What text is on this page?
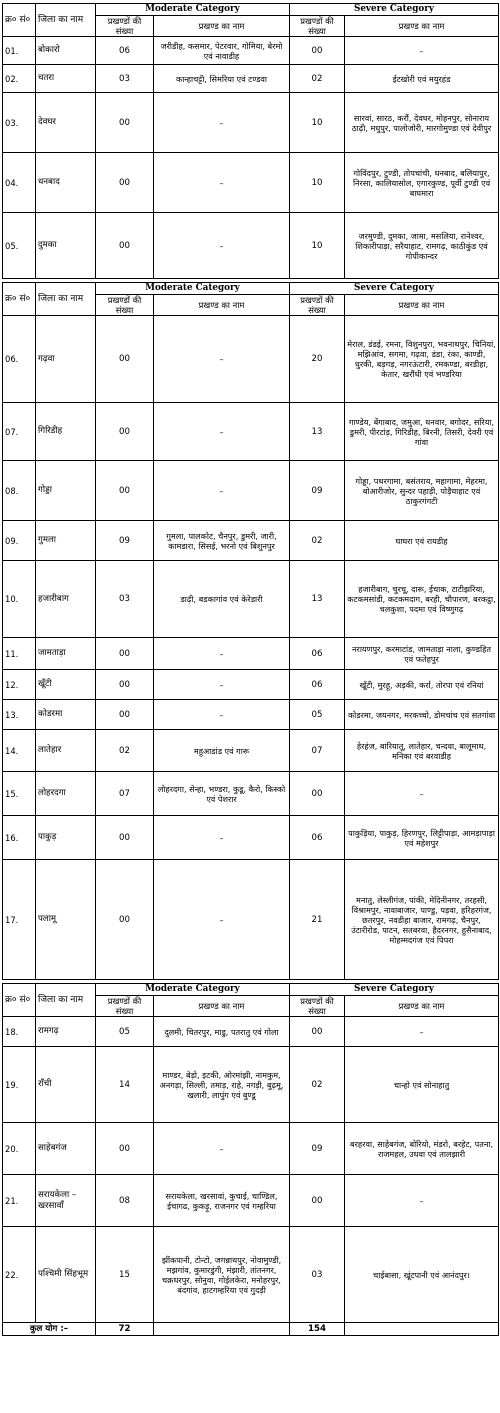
क्र० सं०	जिला का नाम	Moderate Category		Severe Category	
		प्रखण्डों की संख्या	प्रखण्ड का नाम	प्रखण्डों की संख्या	प्रखण्ड का नाम
01.	बोकारो	06	जरीडीह, कसमार, पेटरवार, गोमिया, बेरमो एवं नावाडीह	00	–
02.	चतरा	03	कान्हाचट्टी, सिमरिया एवं टण्डवा	02	ईटखोरी एवं मयुरहंड
03.	देवघर	00	–	10	सारवां, सारठ, करौं, देवघर, मोहनपुर, सोनाराय ठाढ़ी, मधुपुर, पालोजोरी, मारगोमुण्डा एवं देवीपुर
04.	धनबाद	00	–	10	गोविंदपुर, टुण्डी, तोपचांची, धनबाद, बलियापुर, निरसा, कालियासोल, एगारकुण्ड, पूर्वी टुण्डी एवं बाघमारा
05.	दुमका	00	–	10	जरमुण्डी, दुमका, जामा, मसलिया, रानेश्वर, शिकारीपाड़ा, सरैयाहाट, रामगढ़, काठीकुंड एवं गोपीकान्दर

क्र० सं०	जिला का नाम	Moderate Category		Severe Category	
		प्रखण्डों की संख्या	प्रखण्ड का नाम	प्रखण्डों की संख्या	प्रखण्ड का नाम
06.	गढ़वा	00	–	20	मेराल, डंडई, रमना, विशुनपुरा, भवनाथपुर, चिनियां, मझिआंव, सगमा, गढ़वा, डंडा, रंका, काण्डी, धुरकी, बड़गड़, नगरऊंटारी, रमकण्डा, बरडीहा, केतार, खरौंधी एवं भण्डरिया
07.	गिरिडीह	00	–	13	गाण्डेय, बेंगाबाद, जमुआ, धनवार, बगोदर, सरिया, डुमरी, पीरटांड़, गिरिडीह, बिरनी, तिसरी, देवरी एवं गांवा
08.	गोड्डा	00	–	09	गोड्डा, पथरगामा, बसंतराय, महागामा, मेहरमा, बोआरीजोर, सुन्दर पहाड़ी, पोड़ैयाहाट एवं ठाकुरगंगटी
09.	गुमला	09	गुमला, पालकोट, चैनपुर, डुमरी, जारी, कामडारा, सिसई, भरनो एवं बिशुनपुर	02	घाघरा एवं रायडीह
10.	हजारीबाग	03	डाढ़ी, बडकागांव एवं केरेडारी	13	हजारीबाग, चुरचू, दारू, ईचाक, टाटीझरिया, कटकमसांडी, कटकमदाग, बरही, चौपारण, बरकट्ठा, चलकुशा, पदमा एवं विष्णुगढ़
11.	जामताड़ा	00	–	06	नरायणपुर, करमाटांड, जामताड़ा नाला, कुण्डहित एवं फतेहपुर
12.	खूँटी	00	–	06	खूँटी, मुरहू, अड़की, कर्रा, तोरपा एवं रनियां
13.	कोडरमा	00	–	05	कोडरमा, जयनगर, मरकच्चो, डोमचांच एवं सतगांवा
14.	लातेहार	02	महुआडांड एवं गारू	07	हेरहंज, बारियातू, लातेहार, चन्दवा, बालूमाथ, मनिका एवं बरवाडीह
15.	लोहरदगा	07	लोहरदगा, सेन्हा, भण्डरा, कुडू, कैरो, किस्को एवं पेशरार	00	–
16.	पाकुड़	00	–	06	पाकुड़िया, पाकुड़, हिरणपुर, लिट्टीपाड़ा, आमड़ापाड़ा एवं महेशपुर
17.	पलामू	00	–	21	मनातु, लेस्लीगंज, पांकी, मेदिनीनगर, तरहसी, विश्रामपुर, नावाबाजार, पाण्डु, पड़वा, हरिहरगंज, छतरपुर, नवडीहा बाजार, रामगढ़, चैनपुर, उंटारीरोड, पाटन, सतबरवा, हैदरनगर, हुसैनाबाद, मोहम्मदगंज एवं पिपरा

क्र० सं०	जिला का नाम	Moderate Category		Severe Category	
		प्रखण्डों की संख्या	प्रखण्ड का नाम	प्रखण्डों की संख्या	प्रखण्ड का नाम
18.	रामगढ़	05	दुलमी, चितरपुर, माडु, पतरातु एवं गोला	00	–
19.	राँची	14	माण्डर, बेड़ो, इटकी, ओरमांझी, नामकुम, अनगड़ा, सिल्ली, तमाड़, राहे, नगड़ी, बुढ़मू, खलारी, लापुंग एवं बुण्डू	02	चान्हो एवं सोनाहातु
20.	साहेबगंज	00	–	09	बरहरवा, साहेबगंज, बोरियो, मंडरो, बरहेट, पतना, राजमहल, उधवा एवं तालझारी
21.	सरायकेला –खरसावाँ	08	सरायकेला, खरसावां, कुचाई, चाण्डिल, ईचागढ, कुकड़ू, राजनगर एवं गम्हरिया	00	–
22.	पश्चिमी सिंहभूम	15	झींकपानी, टोन्टो, जगन्नाथपुर, नोवामुण्डी, मझगांव, कुमारडुंगी, मंझारी, तांतनगर, चक्रधरपुर, सोनुवा, गोईलकेरा, मनोहरपुर, बंदगांव, हाटगम्हरिया एवं गुदड़ी	03	चाईबासा, खूंटपानी एवं आनंदपुर।
कुल योग :–		72		154	
